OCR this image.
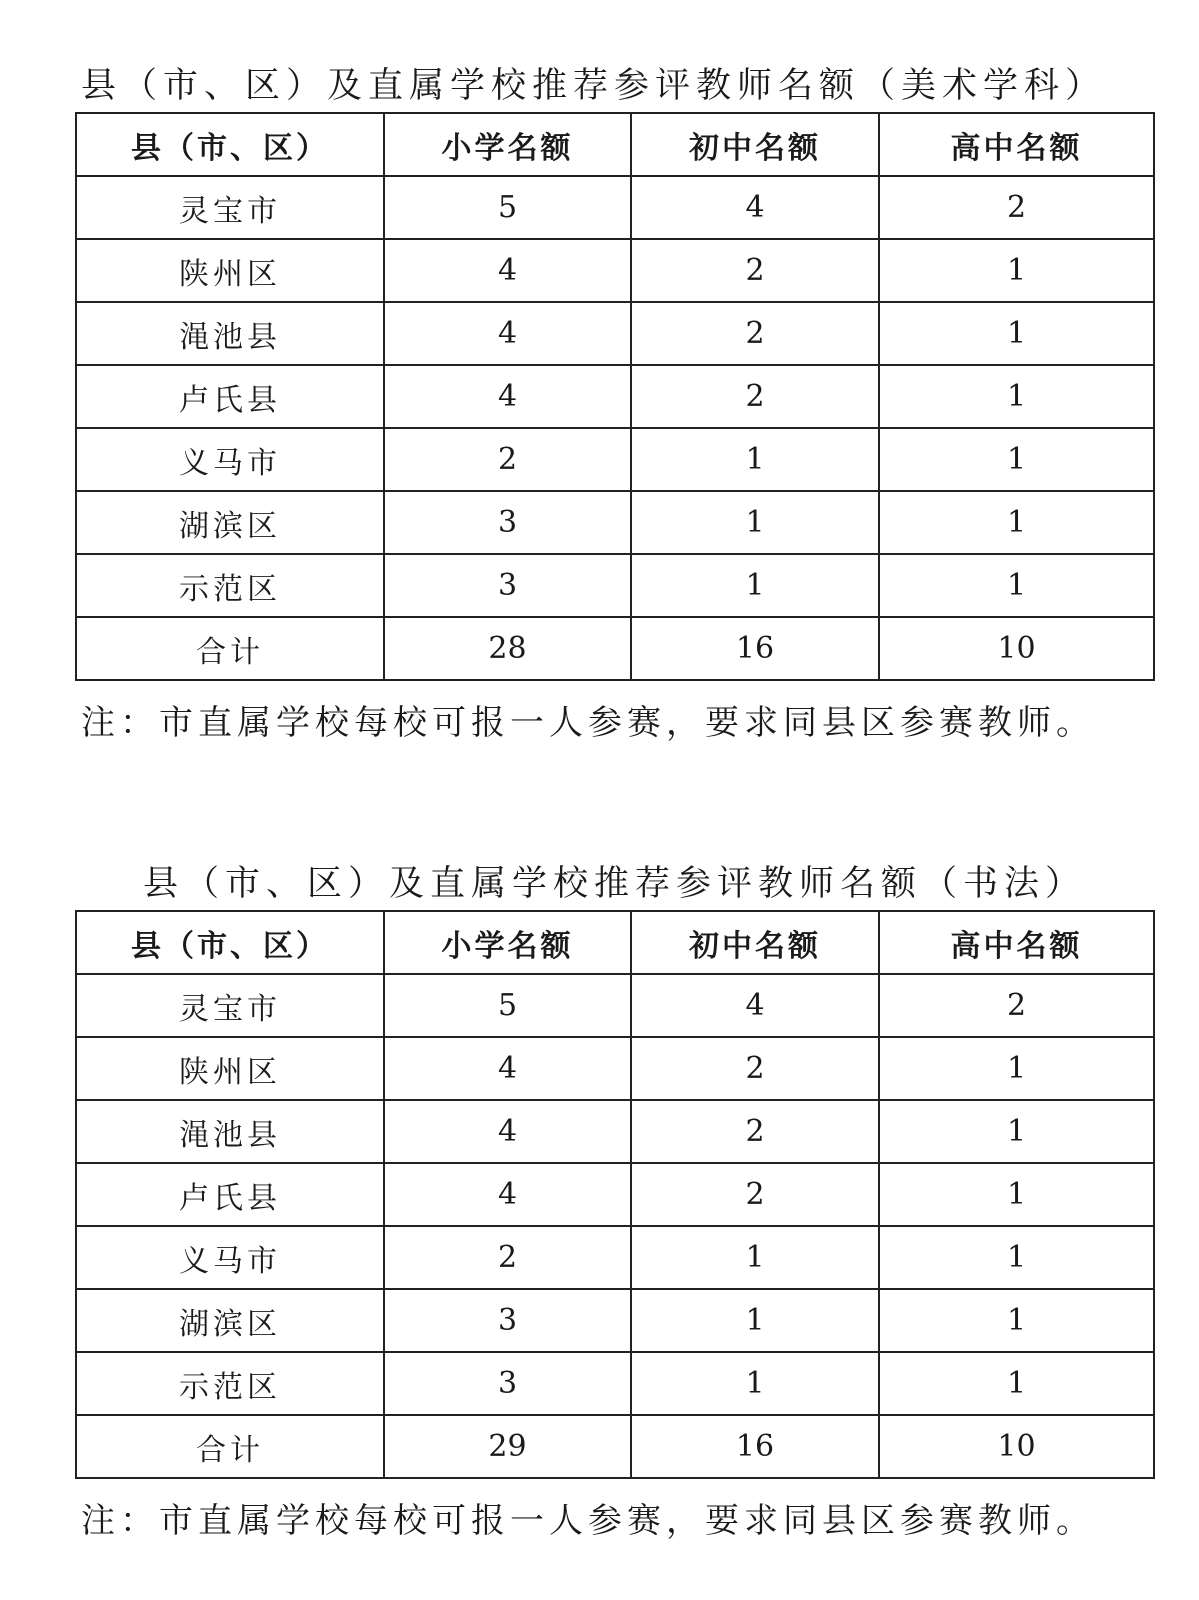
县（市、区）及直属学校推荐参评教师名额（美术学科）
县（市、区）	小学名额	初中名额	高中名额
灵宝市	5	4	2
陕州区	4	2	1
渑池县	4	2	1
卢氏县	4	2	1
义马市	2	1	1
湖滨区	3	1	1
示范区	3	1	1
合计	28	16	10
注：市直属学校每校可报一人参赛，要求同县区参赛教师。
县（市、区）及直属学校推荐参评教师名额（书法）
县（市、区）	小学名额	初中名额	高中名额
灵宝市	5	4	2
陕州区	4	2	1
渑池县	4	2	1
卢氏县	4	2	1
义马市	2	1	1
湖滨区	3	1	1
示范区	3	1	1
合计	29	16	10
注：市直属学校每校可报一人参赛，要求同县区参赛教师。
